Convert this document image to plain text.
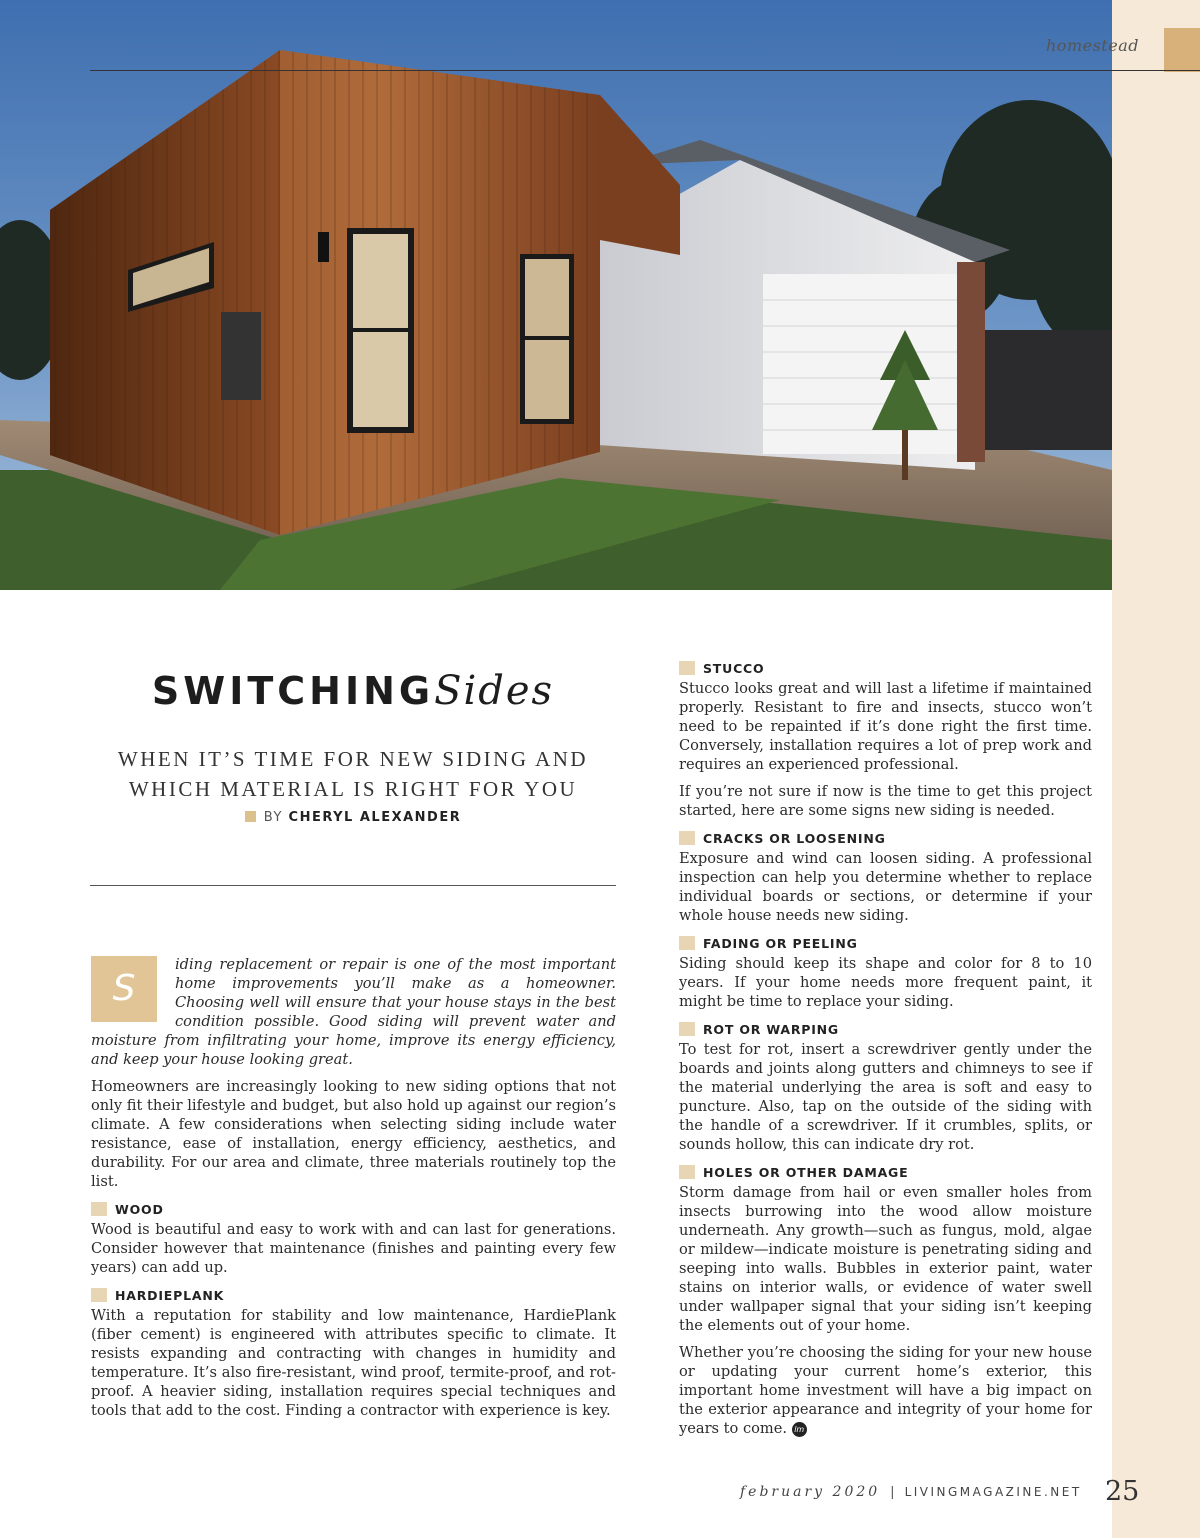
homestead
SWITCHINGSides
WHEN IT’S TIME FOR NEW SIDING AND
WHICH MATERIAL IS RIGHT FOR YOU
BY CHERYL ALEXANDER

S
iding replacement or repair is one of the most important home improvements you’ll make as a homeowner. Choosing well will ensure that your house stays in the best condition possible. Good siding will prevent water and moisture from infiltrating your home, improve its energy efficiency, and keep your house looking great.

Homeowners are increasingly looking to new siding options that not only fit their lifestyle and budget, but also hold up against our region’s climate. A few considerations when selecting siding include water resistance, ease of installation, energy efficiency, aesthetics, and durability. For our area and climate, three materials routinely top the list.

WOOD

Wood is beautiful and easy to work with and can last for generations. Consider however that maintenance (finishes and painting every few years) can add up.

HARDIEPLANK

With a reputation for stability and low maintenance, HardiePlank (fiber cement) is engineered with attributes specific to climate. It resists expanding and contracting with changes in humidity and temperature. It’s also fire-resistant, wind proof, termite-proof, and rot-proof. A heavier siding, installation requires special techniques and tools that add to the cost. Finding a contractor with experience is key.

STUCCO

Stucco looks great and will last a lifetime if maintained properly. Resistant to fire and insects, stucco won’t need to be repainted if it’s done right the first time. Conversely, installation requires a lot of prep work and requires an experienced professional.

If you’re not sure if now is the time to get this project started, here are some signs new siding is needed.

CRACKS OR LOOSENING

Exposure and wind can loosen siding. A professional inspection can help you determine whether to replace individual boards or sections, or determine if your whole house needs new siding.

FADING OR PEELING

Siding should keep its shape and color for 8 to 10 years. If your home needs more frequent paint, it might be time to replace your siding.

ROT OR WARPING

To test for rot, insert a screwdriver gently under the boards and joints along gutters and chimneys to see if the material underlying the area is soft and easy to puncture. Also, tap on the outside of the siding with the handle of a screwdriver. If it crumbles, splits, or sounds hollow, this can indicate dry rot.

HOLES OR OTHER DAMAGE

Storm damage from hail or even smaller holes from insects burrowing into the wood allow moisture underneath. Any growth—such as fungus, mold, algae or mildew—indicate moisture is penetrating siding and seeping into walls. Bubbles in exterior paint, water stains on interior walls, or evidence of water swell under wallpaper signal that your siding isn’t keeping the elements out of your home.

Whether you’re choosing the siding for your new house or updating your current home’s exterior, this important home investment will have a big impact on the exterior appearance and integrity of your home for years to come. lm

february 2020 | LIVINGMAGAZINE.NET 25
